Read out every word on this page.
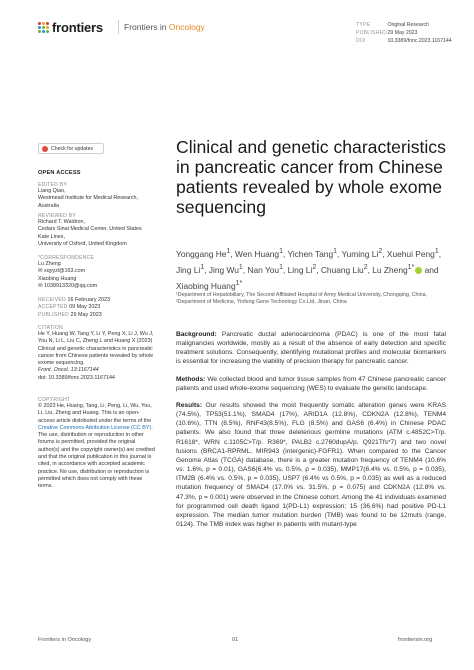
frontiers Frontiers in Oncology	TYPE	Original Research
PUBLISHED 29 May 2023
DOI	10.3389/fonc.2023.1167144
Check for updates
OPEN ACCESS
EDITED BY
Liang Qiao,
Westmead Institute for Medical Research,
Australia
REVIEWED BY
Richard T. Waldron,
Cedars Sinai Medical Center, United States
Kate Lines,
University of Oxford, United Kingdom
*CORRESPONDENCE
Lu Zheng
✉ xqyyzl@163.com
Xiaobing Huang
✉ 1038913320@qq.com
RECEIVED 16 February 2023
ACCEPTED 09 May 2023
PUBLISHED 29 May 2023
CITATION
He Y, Huang W, Tang Y, Li Y, Peng X, Li J, Wu J, You N, Li L, Liu C, Zheng L and Huang X (2023) Clinical and genetic characteristics in pancreatic cancer from Chinese patients revealed by whole exome sequencing.
Front. Oncol. 13:1167144
doi: 10.3389/fonc.2023.1167144
COPYRIGHT
© 2023 He, Huang, Tang, Li, Peng, Li, Wu, You, Li, Liu, Zheng and Huang. This is an open-access article distributed under the terms of the Creative Commons Attribution License (CC BY). The use, distribution or reproduction in other forums is permitted, provided the original author(s) and the copyright owner(s) are credited and that the original publication in this journal is cited, in accordance with accepted academic practice. No use, distribution or reproduction is permitted which does not comply with these terms.
Clinical and genetic characteristics in pancreatic cancer from Chinese patients revealed by whole exome sequencing
Yonggang He$^1$, Wen Huang$^1$, Yichen Tang$^1$, Yuming Li$^2$, Xuehui Peng$^1$, Jing Li$^1$, Jing Wu$^1$, Nan You$^1$, Ling Li$^2$, Chuang Liu$^2$, Lu Zheng$^{1*}$ and Xiaobing Huang$^{1*}$
¹Department of Hepatobiliary, The Second Affiliated Hospital of Army Medical University, Chongqing, China, ²Department of Medicine, Yinfeng Gene Technology Co.Ltd, Jinan, China

Background: Pancreatic ductal adenocarcinoma (PDAC) is one of the most fatal malignancies worldwide, mostly as a result of the absence of early detection and specific treatment solutions. Consequently, identifying mutational profiles and molecular biomarkers is essential for increasing the viability of precision therapy for pancreatic cancer.

Methods: We collected blood and tumor tissue samples from 47 Chinese pancreatic cancer patients and used whole-exome sequencing (WES) to evaluate the genetic landscape.

Results: Our results showed the most frequently somatic alteration genes were KRAS (74.5%), TP53(51.1%), SMAD4 (17%), ARID1A (12.8%), CDKN2A (12.8%), TENM4 (10.6%), TTN (8.5%), RNF43(8.5%), FLG (8.5%) and GAS6 (6.4%) in Chinese PDAC patients. We also found that three deleterious germline mutations (ATM c.4852C>T/p. R1618*, WRN c.1105C>T/p. R369*, PALB2 c.2760dupA/p. Q921Tfs*7) and two novel fusions (BRCA1-RPRML, MIR943 (intergenic)-FGFR1). When compared to the Cancer Genome Atlas (TCGA) database, there is a greater mutation frequency of TENM4 (10.6% vs. 1.6%, p = 0.01), GAS6(6.4% vs. 0.5%, p = 0.035), MMP17(6.4% vs. 0.5%, p = 0.035), ITM2B (6.4% vs. 0.5%, p = 0.035), USP7 (6.4% vs 0.5%, p = 0.035) as well as a reduced mutation frequency of SMAD4 (17.0% vs. 31.5%, p = 0.075) and CDKN2A (12.8% vs. 47.3%, p = 0.001) were observed in the Chinese cohort. Among the 41 individuals examined for programmed cell death ligand 1(PD-L1) expression; 15 (36.6%) had positive PD-L1 expression. The median tumor mutation burden (TMB) was found to be 12muts (range, 0124). The TMB index was higher in patients with mutant-type

Frontiers in Oncology	01	frontiersin.org
